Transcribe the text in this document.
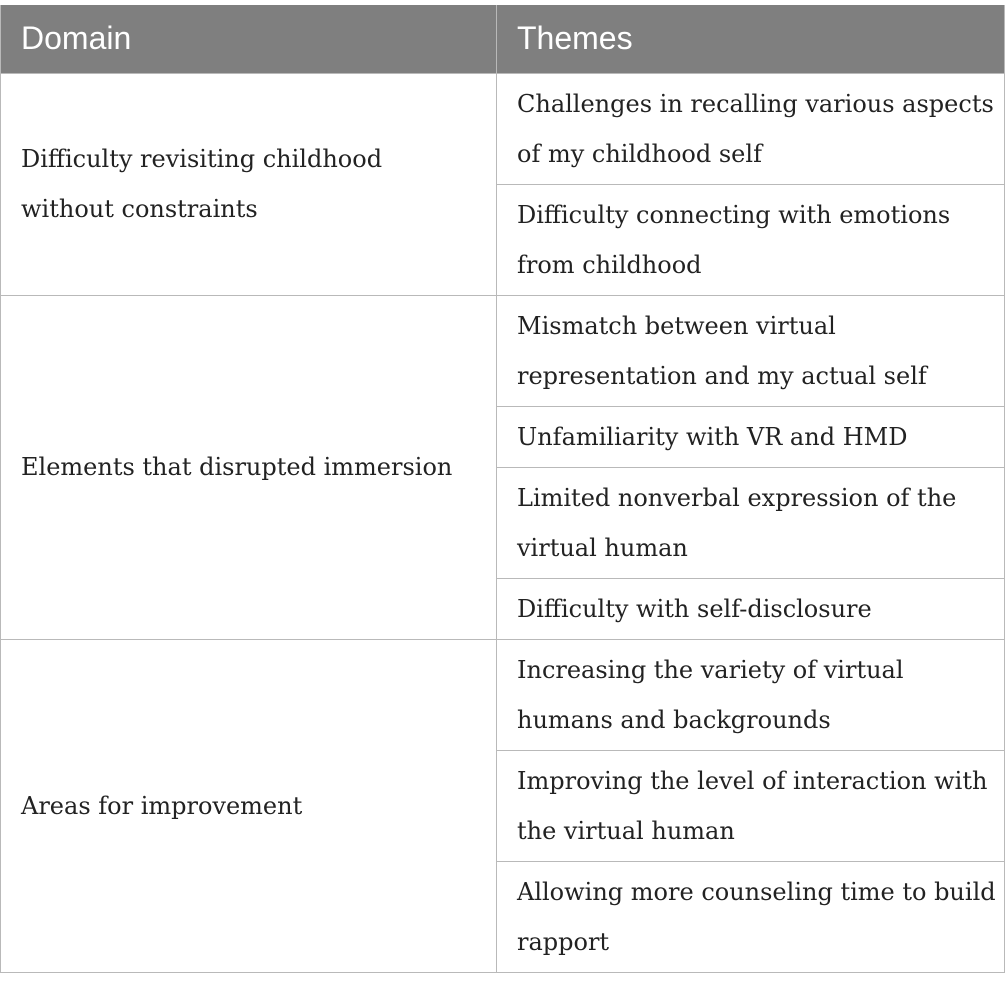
Domain	Themes
Difficulty revisiting childhood without constraints	Challenges in recalling various aspects of my childhood self
	Difficulty connecting with emotions from childhood
Elements that disrupted immersion	Mismatch between virtual representation and my actual self
	Unfamiliarity with VR and HMD
	Limited nonverbal expression of the virtual human
	Difficulty with self-disclosure
Areas for improvement	Increasing the variety of virtual humans and backgrounds
	Improving the level of interaction with the virtual human
	Allowing more counseling time to build rapport
